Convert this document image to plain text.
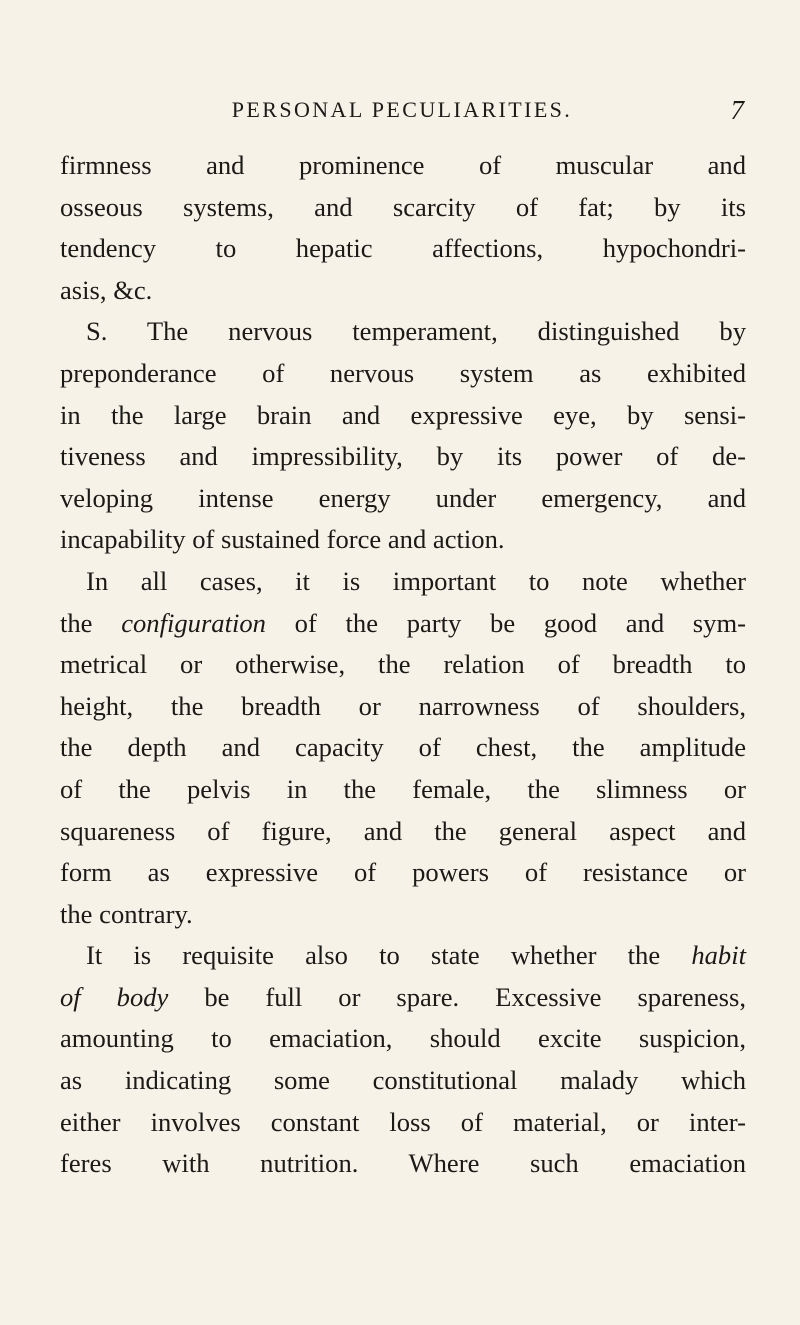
PERSONAL PECULIARITIES.	7
firmness and prominence of muscular and
osseous systems, and scarcity of fat; by its
tendency to hepatic affections, hypochondri-
asis, &c.
S. The nervous temperament, distinguished by
preponderance of nervous system as exhibited
in the large brain and expressive eye, by sensi-
tiveness and impressibility, by its power of de-
veloping intense energy under emergency, and
incapability of sustained force and action.
In all cases, it is important to note whether
the configuration of the party be good and sym-
metrical or otherwise, the relation of breadth to
height, the breadth or narrowness of shoulders,
the depth and capacity of chest, the amplitude
of the pelvis in the female, the slimness or
squareness of figure, and the general aspect and
form as expressive of powers of resistance or
the contrary.
It is requisite also to state whether the habit
of body be full or spare. Excessive spareness,
amounting to emaciation, should excite suspicion,
as indicating some constitutional malady which
either involves constant loss of material, or inter-
feres with nutrition. Where such emaciation
